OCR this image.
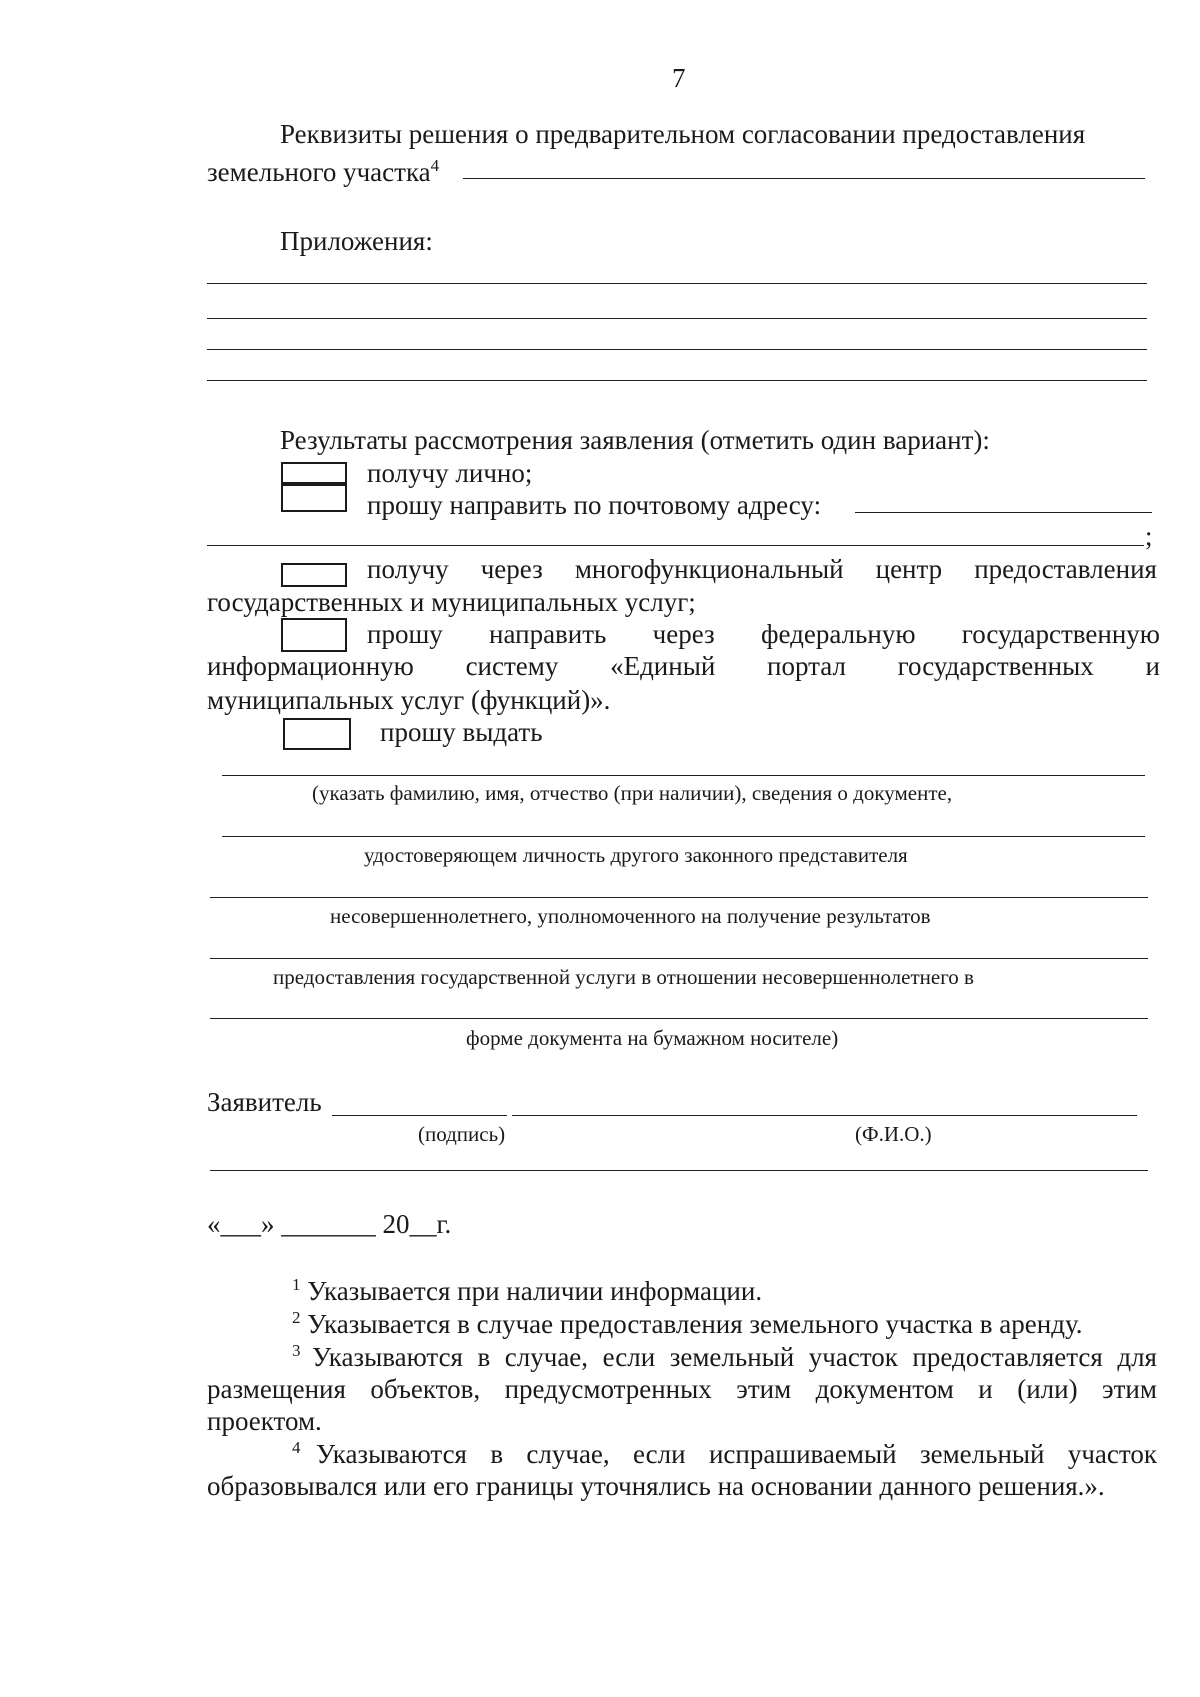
7
Реквизиты решения о предварительном согласовании предоставления
земельного участка$^4$
Приложения:
Результаты рассмотрения заявления (отметить один вариант):
получу лично;
прошу направить по почтовому адресу:
;
получу через многофункциональный центр предоставления
государственных и муниципальных услуг;
прошу направить через федеральную государственную
информационную систему «Единый портал государственных и
муниципальных услуг (функций)».
прошу выдать
(указать фамилию, имя, отчество (при наличии), сведения о документе,
удостоверяющем личность другого законного представителя
несовершеннолетнего, уполномоченного на получение результатов
предоставления государственной услуги в отношении несовершеннолетнего в
форме документа на бумажном носителе)
Заявитель
(подпись)	(Ф.И.О.)
«___» _______ 20__г.
$^1$ Указывается при наличии информации.
$^2$ Указывается в случае предоставления земельного участка в аренду.
$^3$ Указываются в случае, если земельный участок предоставляется для
размещения объектов, предусмотренных этим документом и (или) этим
проектом.
$^4$ Указываются в случае, если испрашиваемый земельный участок
образовывался или его границы уточнялись на основании данного решения.».
